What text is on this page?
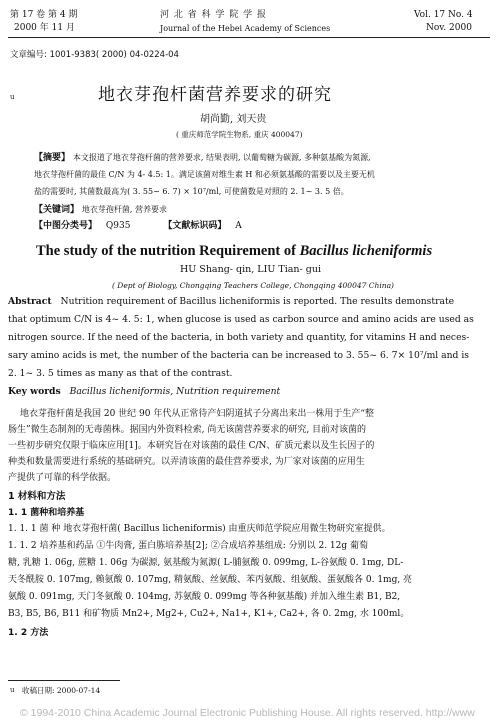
第 17 卷 第 4 期
2000 年 11 月
河 北 省 科 学 院 学 报
Journal of the Hebei Academy of Sciences
Vol. 17 No. 4
Nov. 2000
文章编号: 1001-9383( 2000) 04-0224-04
u	地衣芽孢杆菌营养要求的研究
胡尚勤, 刘天贵
( 重庆师范学院生物系, 重庆 400047)
【摘要】 本文报道了地衣芽孢杆菌的营养要求, 结果表明, 以葡萄糖为碳源, 多种氨基酸为氮源,
地衣芽孢杆菌的最佳 C/N 为 4- 4.5: 1。满足该菌对维生素 H 和必须氨基酸的需要以及主要无机
盐的需要时, 其菌数最高为( 3. 55~ 6. 7) × 10⁷/ml, 可使菌数是对照的 2. 1~ 3. 5 倍。
【关键词】 地衣芽孢杆菌, 营养要求
【中图分类号】 Q935	【文献标识码】 A
The study of the nutrition Requirement of Bacillus licheniformis
HU Shang- qin, LIU Tian- gui
( Dept of Biology, Chongqing Teachers College, Chongqing 400047 China)
Abstract Nutrition requirement of Bacillus licheniformis is reported. The results demonstrate
that optimum C/N is 4~ 4. 5: 1, when glucose is used as carbon source and amino acids are used as
nitrogen source. If the need of the bacteria, in both variety and quantity, for vitamins H and neces-
sary amino acids is met, the number of the bacteria can be increased to 3. 55~ 6. 7× 10⁷/ml and is
2. 1~ 3. 5 times as many as that of the contrast.
Key words Bacillus licheniformis, Nutrition requirement
地衣芽孢杆菌是我国 20 世纪 90 年代从正常待产妇阴道拭子分离出来出一株用于生产“整
肠生”微生态制剂的无毒菌株。据国内外资料检索, 尚无该菌营养要求的研究, 目前对该菌的
一些初步研究仅限于临床应用[1]。本研究旨在对该菌的最佳 C/N、矿质元素以及生长因子的
种类和数量需要进行系统的基础研究。以弄清该菌的最佳营养要求, 为厂家对该菌的应用生
产提供了可靠的科学依据。
1 材料和方法
1. 1 菌种和培养基
1. 1. 1 菌 种 地衣芽孢杆菌( Bacillus licheniformis) 由重庆师范学院应用微生物研究室提供。
1. 1. 2 培养基和药品 ①牛肉膏, 蛋白胨培养基[2]; ②合成培养基组成: 分别以 2. 12g 葡萄
糖, 乳糖 1. 06g, 蔗糖 1. 06g 为碳源, 氨基酸为氮源( L-脯氨酸 0. 099mg, L-谷氨酸 0. 1mg, DL-
天冬酰胺 0. 107mg, 赖氨酸 0. 107mg, 精氨酸、丝氨酸、苯丙氨酸、组氨酸、蛋氨酸各 0. 1mg, 亮
氨酸 0. 091mg, 天门冬氨酸 0. 104mg, 苏氨酸 0. 099mg 等各种氨基酸) 并加入维生素 B1, B2,
B3, B5, B6, B11 和矿物质 Mn2+, Mg2+, Cu2+, Na1+, K1+, Ca2+, 各 0. 2mg, 水 100ml。
1. 2 方法
u 收稿日期: 2000-07-14
© 1994-2010 China Academic Journal Electronic Publishing House. All rights reserved. http://www
